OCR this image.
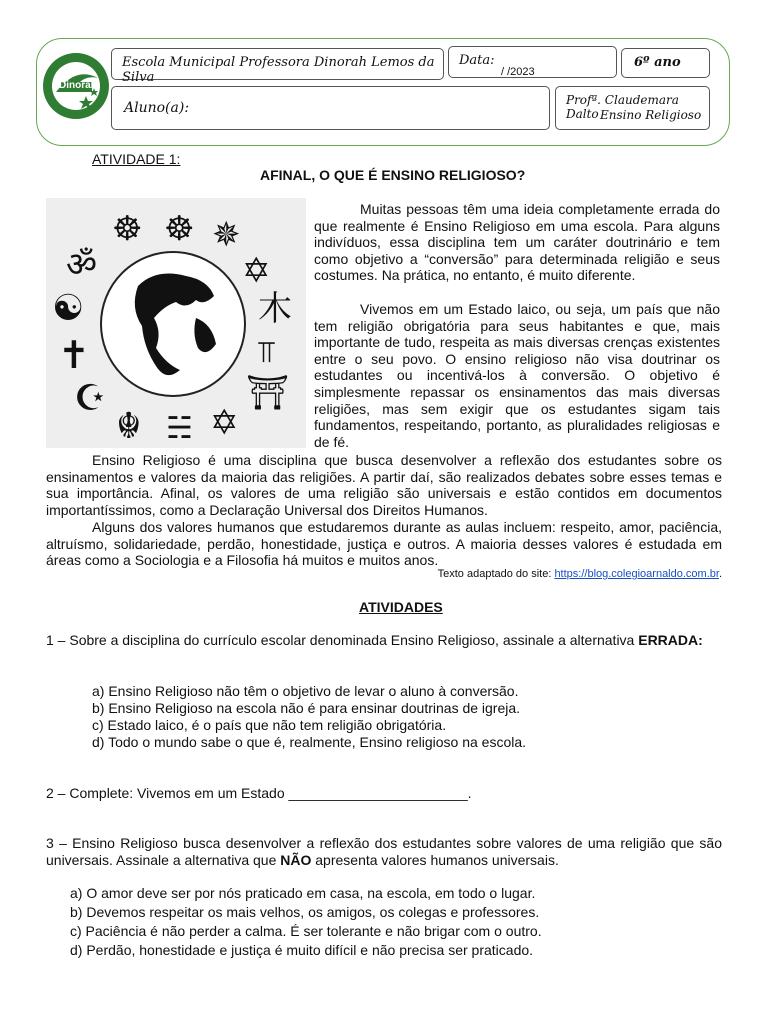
Dinorah
Escola Municipal Professora Dinorah Lemos da Silva
Data:
/ /2023
6º ano
Aluno(a):	Profª. Claudemara Dalto Ensino Religioso
ATIVIDADE 1:
AFINAL, O QUE É ENSINO RELIGIOSO?
☸ ☸ ✵
ॐ	✡
☯	木
✝	⫪
☪	⛩
☬ ☵ ✡
Muitas pessoas têm uma ideia completamente errada do que realmente é Ensino Religioso em uma escola. Para alguns indivíduos, essa disciplina tem um caráter doutrinário e tem como objetivo a “conversão” para determinada religião e seus costumes. Na prática, no entanto, é muito diferente.
Vivemos em um Estado laico, ou seja, um país que não tem religião obrigatória para seus habitantes e que, mais importante de tudo, respeita as mais diversas crenças existentes entre o seu povo. O ensino religioso não visa doutrinar os estudantes ou incentivá-los à conversão. O objetivo é simplesmente repassar os ensinamentos das mais diversas religiões, mas sem exigir que os estudantes sigam tais fundamentos, respeitando, portanto, as pluralidades religiosas e de fé.
Ensino Religioso é uma disciplina que busca desenvolver a reflexão dos estudantes sobre os ensinamentos e valores da maioria das religiões. A partir daí, são realizados debates sobre esses temas e sua importância. Afinal, os valores de uma religião são universais e estão contidos em documentos importantíssimos, como a Declaração Universal dos Direitos Humanos.
Alguns dos valores humanos que estudaremos durante as aulas incluem: respeito, amor, paciência, altruísmo, solidariedade, perdão, honestidade, justiça e outros. A maioria desses valores é estudada em áreas como a Sociologia e a Filosofia há muitos e muitos anos.
Texto adaptado do site: https://blog.colegioarnaldo.com.br.
ATIVIDADES
1 – Sobre a disciplina do currículo escolar denominada Ensino Religioso, assinale a alternativa ERRADA:
a) Ensino Religioso não têm o objetivo de levar o aluno à conversão.
b) Ensino Religioso na escola não é para ensinar doutrinas de igreja.
c) Estado laico, é o país que não tem religião obrigatória.
d) Todo o mundo sabe o que é, realmente, Ensino religioso na escola.
2 – Complete: Vivemos em um Estado _______________________.
3 – Ensino Religioso busca desenvolver a reflexão dos estudantes sobre valores de uma religião que são universais. Assinale a alternativa que NÃO apresenta valores humanos universais.
a) O amor deve ser por nós praticado em casa, na escola, em todo o lugar.
b) Devemos respeitar os mais velhos, os amigos, os colegas e professores.
c) Paciência é não perder a calma. É ser tolerante e não brigar com o outro.
d) Perdão, honestidade e justiça é muito difícil e não precisa ser praticado.
